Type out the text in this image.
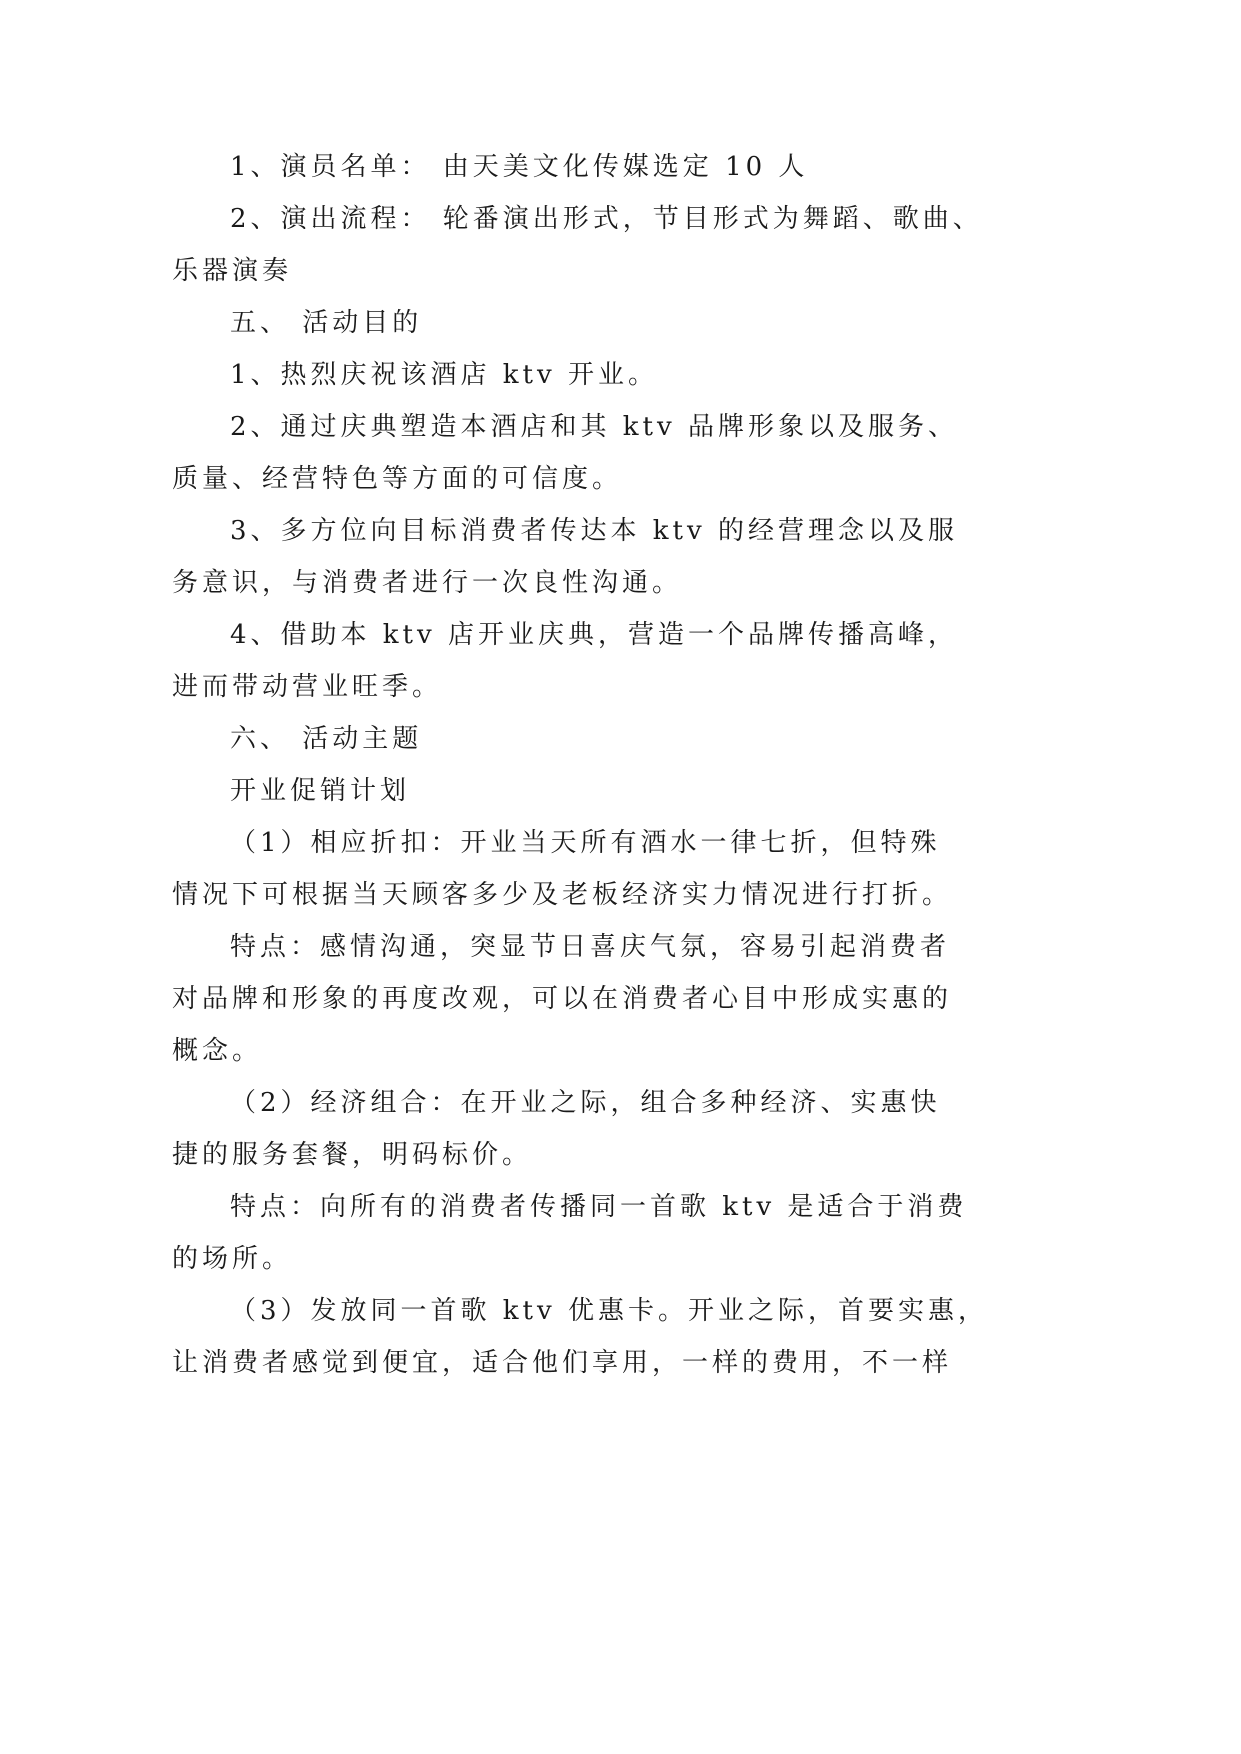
1、演员名单： 由天美文化传媒选定 10 人
2、演出流程： 轮番演出形式，节目形式为舞蹈、歌曲、
乐器演奏
五、 活动目的
1、热烈庆祝该酒店 ktv 开业。
2、通过庆典塑造本酒店和其 ktv 品牌形象以及服务、
质量、经营特色等方面的可信度。
3、多方位向目标消费者传达本 ktv 的经营理念以及服
务意识，与消费者进行一次良性沟通。
4、借助本 ktv 店开业庆典，营造一个品牌传播高峰，
进而带动营业旺季。
六、 活动主题
开业促销计划
（1）相应折扣：开业当天所有酒水一律七折，但特殊
情况下可根据当天顾客多少及老板经济实力情况进行打折。
特点：感情沟通，突显节日喜庆气氛，容易引起消费者
对品牌和形象的再度改观，可以在消费者心目中形成实惠的
概念。
（2）经济组合：在开业之际，组合多种经济、实惠快
捷的服务套餐，明码标价。
特点：向所有的消费者传播同一首歌 ktv 是适合于消费
的场所。
（3）发放同一首歌 ktv 优惠卡。开业之际，首要实惠，
让消费者感觉到便宜，适合他们享用，一样的费用，不一样
